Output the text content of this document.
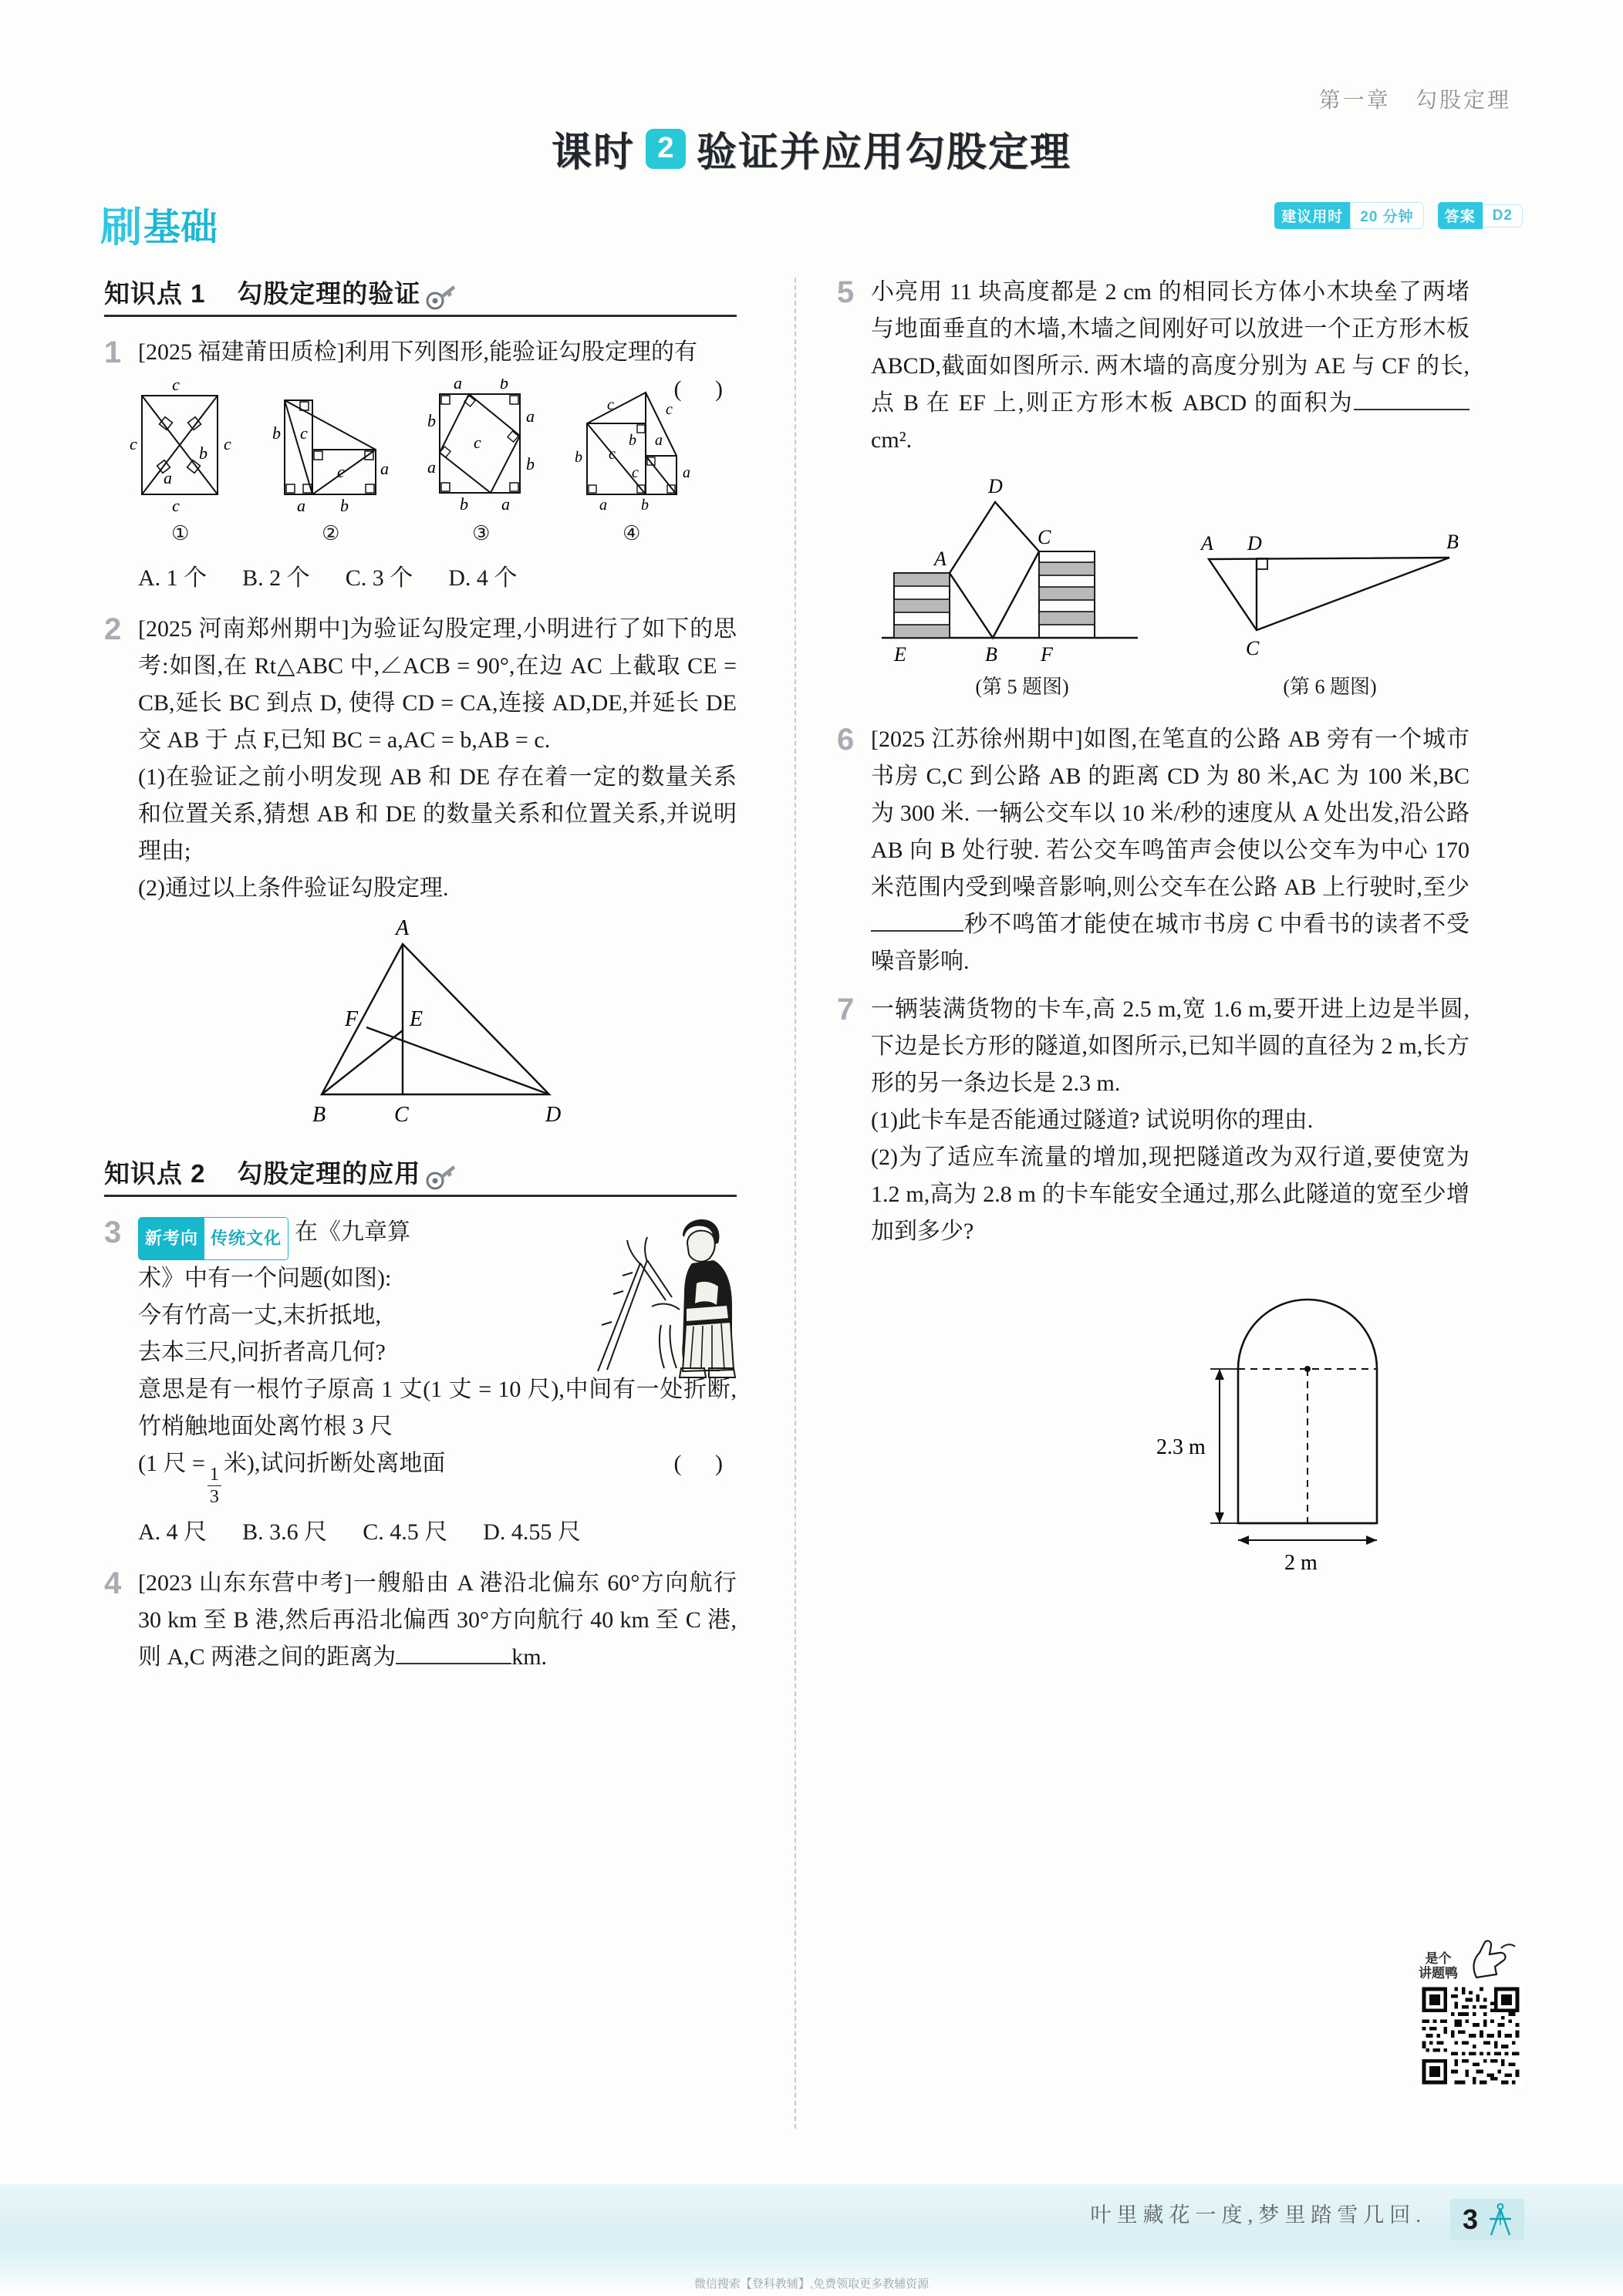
第一章   勾股定理
课时 2 验证并应用勾股定理
刷 基础	建议用时	20 分钟	答案	D2
知识点 1    勾股定理的验证
1 [2025 福建莆田质检]利用下列图形,能验证勾股定理的有
( )

c
c
c	c
a
b
①
b c
c a
a b
②
a b
b	a
a	b
b a
c
③
c	c
b c
b a
c	a
a b
④
A. 1 个 B. 2 个 C. 3 个 D. 4 个
2 [2025 河南郑州期中]为验证勾股定理,小明进行了如下的思考:如图,在 Rt△ABC 中,∠ACB = 90°,在边 AC 上截取 CE = CB,延长 BC 到点 D, 使得 CD = CA,连接 AD,DE,并延长 DE 交 AB 于 点 F,已知 BC = a,AC = b,AB = c.

(1)在验证之前小明发现 AB 和 DE 存在着一定的数量关系和位置关系,猜想 AB 和 DE 的数量关系和位置关系,并说明理由;

(2)通过以上条件验证勾股定理.

A
B	C	D
F E
知识点 2    勾股定理的应用
3	新考向 传统文化 在《九章算

术》中有一个问题(如图):

今有竹高一丈,末折抵地,

去本三尺,问折者高几何?

意思是有一根竹子原高 1 丈(1 丈 = 10 尺),中间有一处折断,竹梢触地面处离竹根 3 尺

(1 尺 =
$\frac{1}{3}$
米),试问折断处离地面	( )

A. 4 尺 B. 3.6 尺 C. 4.5 尺 D. 4.55 尺
4 [2023 山东东营中考]一艘船由 A 港沿北偏东 60°方向航行 30 km 至 B 港,然后再沿北偏西 30°方向航行 40 km 至 C 港,则 A,C 两港之间的距离为	km.

5 小亮用 11 块高度都是 2 cm 的相同长方体小木块垒了两堵与地面垂直的木墙,木墙之间刚好可以放进一个正方形木板 ABCD,截面如图所示. 两木墙的高度分别为 AE 与 CF 的长,点 B 在 EF 上,则正方形木板 ABCD 的面积为cm².

D
A
C
E	B F
(第 5 题图)
A D	B
C
(第 6 题图)
6 [2025 江苏徐州期中]如图,在笔直的公路 AB 旁有一个城市书房 C,C 到公路 AB 的距离 CD 为 80 米,AC 为 100 米,BC 为 300 米. 一辆公交车以 10 米/秒的速度从 A 处出发,沿公路 AB 向 B 处行驶. 若公交车鸣笛声会使以公交车为中心 170 米范围内受到噪音影响,则公交车在公路 AB 上行驶时,至少秒不鸣笛才能使在城市书房 C 中看书的读者不受噪音影响.

7 一辆装满货物的卡车,高 2.5 m,宽 1.6 m,要开进上边是半圆,下边是长方形的隧道,如图所示,已知半圆的直径为 2 m,长方形的另一条边长是 2.3 m.

(1)此卡车是否能通过隧道? 试说明你的理由.

(2)为了适应车流量的增加,现把隧道改为双行道,要使宽为 1.2 m,高为 2.8 m 的卡车能安全通过,那么此隧道的宽至少增加到多少?

2.3 m
2 m
是个
讲题鸭
叶里藏花一度,梦里踏雪几回. 3
微信搜索【登科教辅】,免费领取更多教辅资源
